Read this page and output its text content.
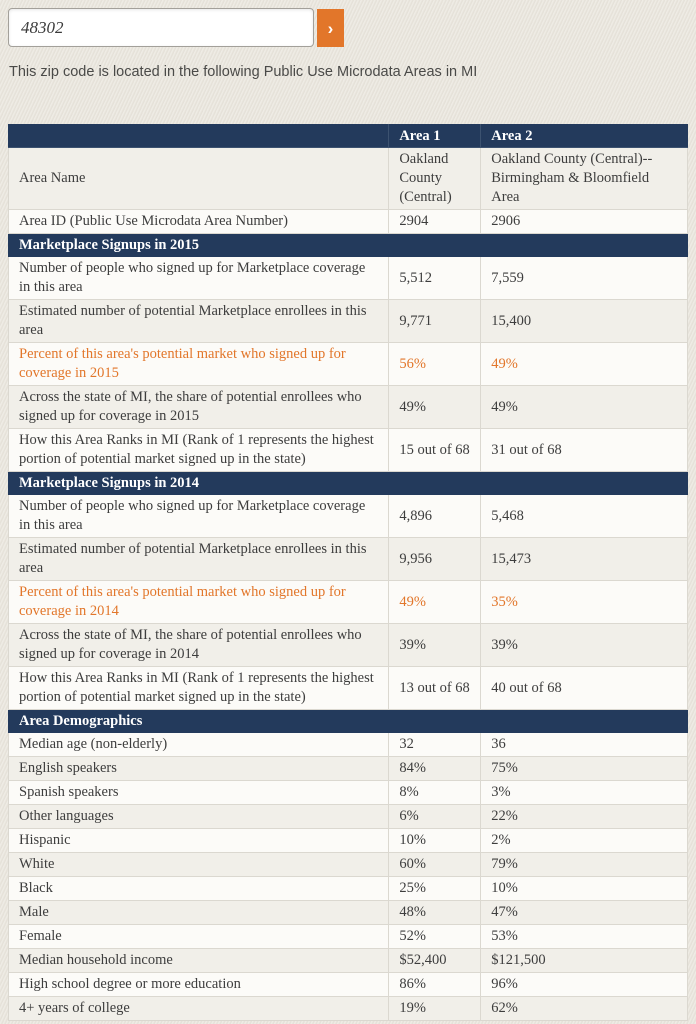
48302
›
This zip code is located in the following Public Use Microdata Areas in MI
	Area 1	Area 2
Area Name	Oakland County (Central)	Oakland County (Central)--Birmingham & Bloomfield Area
Area ID (Public Use Microdata Area Number)	2904	2906
Marketplace Signups in 2015		
Number of people who signed up for Marketplace coverage in this area	5,512	7,559
Estimated number of potential Marketplace enrollees in this area	9,771	15,400
Percent of this area's potential market who signed up for coverage in 2015	56%	49%
Across the state of MI, the share of potential enrollees who signed up for coverage in 2015	49%	49%
How this Area Ranks in MI (Rank of 1 represents the highest portion of potential market signed up in the state)	15 out of 68	31 out of 68
Marketplace Signups in 2014		
Number of people who signed up for Marketplace coverage in this area	4,896	5,468
Estimated number of potential Marketplace enrollees in this area	9,956	15,473
Percent of this area's potential market who signed up for coverage in 2014	49%	35%
Across the state of MI, the share of potential enrollees who signed up for coverage in 2014	39%	39%
How this Area Ranks in MI (Rank of 1 represents the highest portion of potential market signed up in the state)	13 out of 68	40 out of 68
Area Demographics		
Median age (non-elderly)	32	36
English speakers	84%	75%
Spanish speakers	8%	3%
Other languages	6%	22%
Hispanic	10%	2%
White	60%	79%
Black	25%	10%
Male	48%	47%
Female	52%	53%
Median household income	$52,400	$121,500
High school degree or more education	86%	96%
4+ years of college	19%	62%
